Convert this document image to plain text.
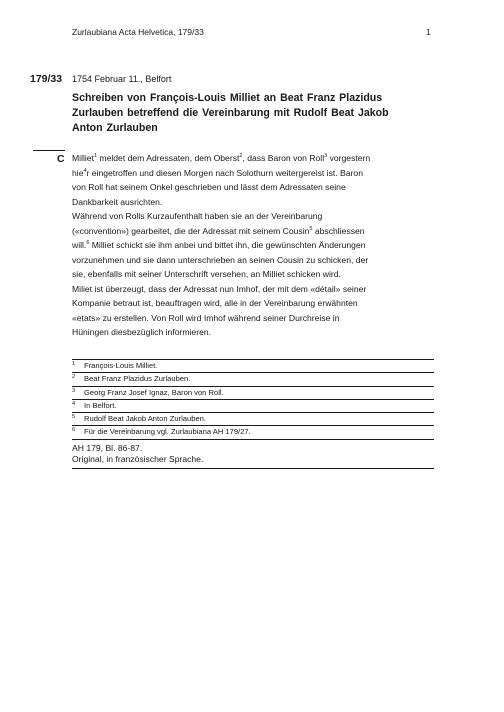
Zurlaubiana Acta Helvetica, 179/33	1
179/33 1754 Februar 11., Belfort
Schreiben von François-Louis Milliet an Beat Franz Plazidus
Zurlauben betreffend die Vereinbarung mit Rudolf Beat Jakob
Anton Zurlauben
C Milliet$^1$ meldet dem Adressaten, dem Oberst$^2$, dass Baron von Roll$^3$ vorgestern
hie$^4$r eingetroffen und diesen Morgen nach Solothurn weitergereist ist. Baron
von Roll hat seinem Onkel geschrieben und lässt dem Adressaten seine
Dankbarkeit ausrichten.
Während von Rolls Kurzaufenthalt haben sie an der Vereinbarung
(«convention») gearbeitet, die der Adressat mit seinem Cousin$^5$ abschliessen
will.$^6$ Milliet schickt sie ihm anbei und bittet ihn, die gewünschten Änderungen
vorzunehmen und sie dann unterschrieben an seinen Cousin zu schicken, der
sie, ebenfalls mit seiner Unterschrift versehen, an Milliet schicken wird.
Miliet ist überzeugt, dass der Adressat nun Imhof, der mit dem «détail» seiner
Kompanie betraut ist, beauftragen wird, alle in der Vereinbarung erwähnten
«etats» zu erstellen. Von Roll wird Imhof während seiner Durchreise in
Hüningen diesbezüglich informieren.
1 François-Louis Milliet.
2 Beat Franz Plazidus Zurlauben.
3 Georg Franz Josef Ignaz, Baron von Roll.
4 In Belfort.
5 Rudolf Beat Jakob Anton Zurlauben.
6 Für die Vereinbarung vgl. Zurlaubiana AH 179/27.
AH 179, Bl. 86-87.
Original, in französischer Sprache.
